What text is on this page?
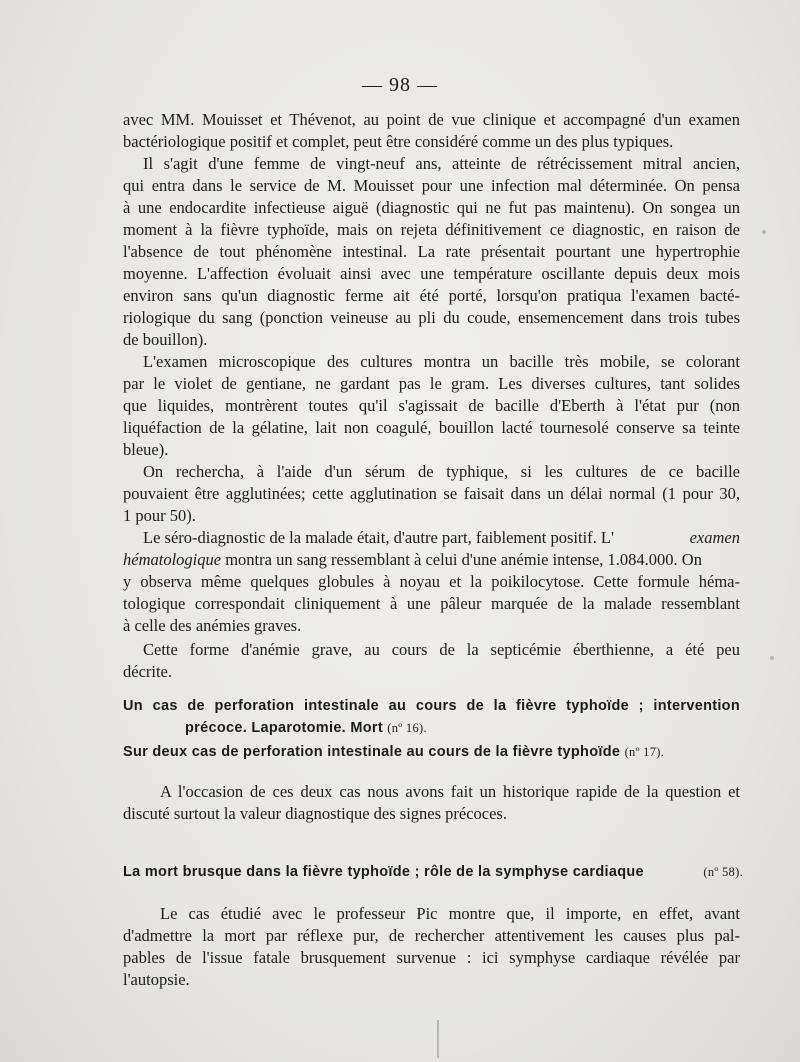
— 98 —
avec MM. Mouisset et Thévenot, au point de vue clinique et accompagné d'un examen
bactériologique positif et complet, peut être considéré comme un des plus typiques.
Il s'agit d'une femme de vingt-neuf ans, atteinte de rétrécissement mitral ancien,
qui entra dans le service de M. Mouisset pour une infection mal déterminée. On pensa
à une endocardite infectieuse aiguë (diagnostic qui ne fut pas maintenu). On songea un
moment à la fièvre typhoïde, mais on rejeta définitivement ce diagnostic, en raison de
l'absence de tout phénomène intestinal. La rate présentait pourtant une hypertrophie
moyenne. L'affection évoluait ainsi avec une température oscillante depuis deux mois
environ sans qu'un diagnostic ferme ait été porté, lorsqu'on pratiqua l'examen bacté-
riologique du sang (ponction veineuse au pli du coude, ensemencement dans trois tubes
de bouillon).
L'examen microscopique des cultures montra un bacille très mobile, se colorant
par le violet de gentiane, ne gardant pas le gram. Les diverses cultures, tant solides
que liquides, montrèrent toutes qu'il s'agissait de bacille d'Eberth à l'état pur (non
liquéfaction de la gélatine, lait non coagulé, bouillon lacté tournesolé conserve sa teinte
bleue).
On rechercha, à l'aide d'un sérum de typhique, si les cultures de ce bacille
pouvaient être agglutinées; cette agglutination se faisait dans un délai normal (1 pour 30,
1 pour 50).
Le séro-diagnostic de la malade était, d'autre part, faiblement positif. L'	examen
hématologique montra un sang ressemblant à celui d'une anémie intense, 1.084.000. On
y observa même quelques globules à noyau et la poikilocytose. Cette formule héma-
tologique correspondait cliniquement à une pâleur marquée de la malade ressemblant
à celle des anémies graves.
Cette forme d'anémie grave, au cours de la septicémie éberthienne, a été peu
décrite.
Un cas de perforation intestinale au cours de la fièvre typhoïde ; intervention
précoce. Laparotomie. Mort (nº 16).
Sur deux cas de perforation intestinale au cours de la fièvre typhoïde (nº 17).
A l'occasion de ces deux cas nous avons fait un historique rapide de la question et
discuté surtout la valeur diagnostique des signes précoces.
La mort brusque dans la fièvre typhoïde ; rôle de la symphyse cardiaque	(nº 58).
Le cas étudié avec le professeur Pic montre que, il importe, en effet, avant
d'admettre la mort par réflexe pur, de rechercher attentivement les causes plus pal-
pables de l'issue fatale brusquement survenue : ici symphyse cardiaque révélée par
l'autopsie.
